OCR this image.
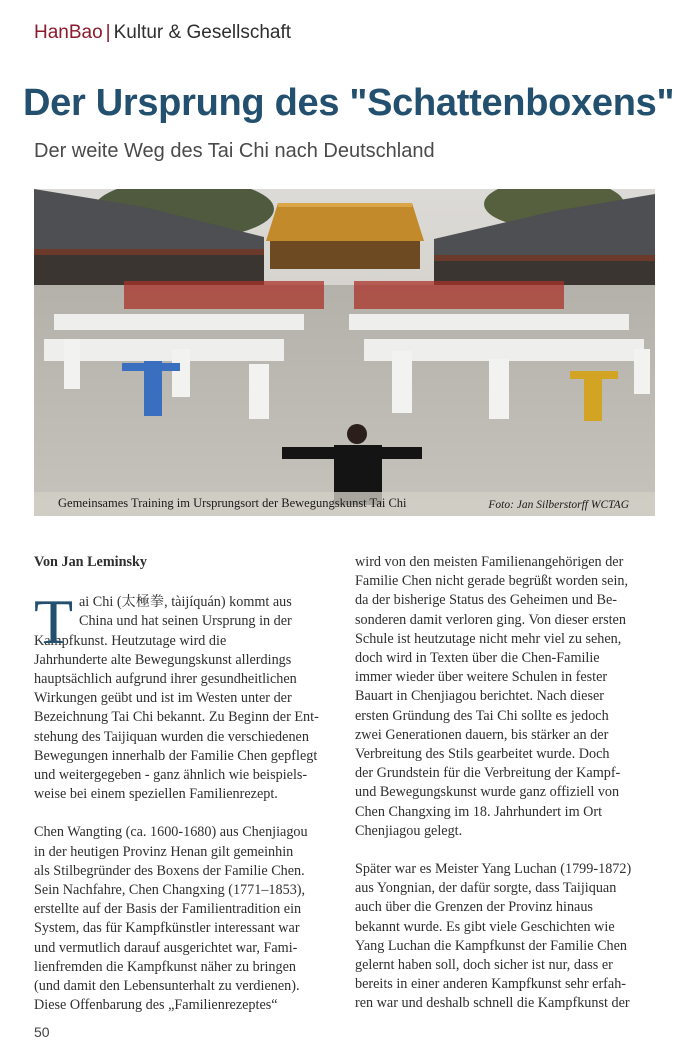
HanBao | Kultur & Gesellschaft
Der Ursprung des "Schattenboxens"
Der weite Weg des Tai Chi nach Deutschland
Gemeinsames Training im Ursprungsort der Bewegungskunst Tai Chi	Foto: Jan Silberstorff WCTAG

Von Jan Leminsky

T ai Chi (太極拳, tàijíquán) kommt aus
China und hat seinen Ursprung in der
Kampfkunst. Heutzutage wird die
Jahrhunderte alte Bewegungskunst allerdings
hauptsächlich aufgrund ihrer gesundheitlichen
Wirkungen geübt und ist im Westen unter der
Bezeichnung Tai Chi bekannt. Zu Beginn der Ent-
stehung des Taijiquan wurden die verschiedenen
Bewegungen innerhalb der Familie Chen gepflegt
und weitergegeben - ganz ähnlich wie beispiels-
weise bei einem speziellen Familienrezept.

Chen Wangting (ca. 1600-1680) aus Chenjiagou
in der heutigen Provinz Henan gilt gemeinhin
als Stilbegründer des Boxens der Familie Chen.
Sein Nachfahre, Chen Changxing (1771–1853),
erstellte auf der Basis der Familientradition ein
System, das für Kampfkünstler interessant war
und vermutlich darauf ausgerichtet war, Fami-
lienfremden die Kampfkunst näher zu bringen
(und damit den Lebensunterhalt zu verdienen).
Diese Offenbarung des „Familienrezeptes“

wird von den meisten Familienangehörigen der
Familie Chen nicht gerade begrüßt worden sein,
da der bisherige Status des Geheimen und Be-
sonderen damit verloren ging. Von dieser ersten
Schule ist heutzutage nicht mehr viel zu sehen,
doch wird in Texten über die Chen-Familie
immer wieder über weitere Schulen in fester
Bauart in Chenjiagou berichtet. Nach dieser
ersten Gründung des Tai Chi sollte es jedoch
zwei Generationen dauern, bis stärker an der
Verbreitung des Stils gearbeitet wurde. Doch
der Grundstein für die Verbreitung der Kampf-
und Bewegungskunst wurde ganz offiziell von
Chen Changxing im 18. Jahrhundert im Ort
Chenjiagou gelegt.

Später war es Meister Yang Luchan (1799-1872)
aus Yongnian, der dafür sorgte, dass Taijiquan
auch über die Grenzen der Provinz hinaus
bekannt wurde. Es gibt viele Geschichten wie
Yang Luchan die Kampfkunst der Familie Chen
gelernt haben soll, doch sicher ist nur, dass er
bereits in einer anderen Kampfkunst sehr erfah-
ren war und deshalb schnell die Kampfkunst der

50
